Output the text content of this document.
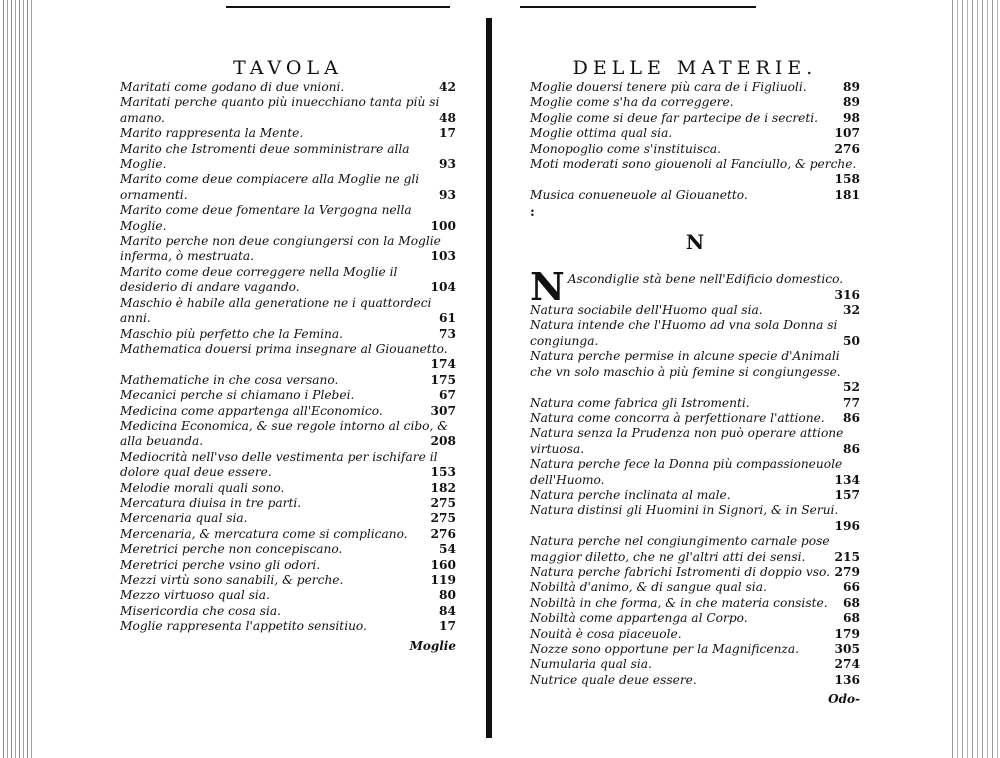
TAVOLA
Maritati come godano di due vnioni.	42
Maritati perche quanto più inuecchiano tanta più si amano.	48
Marito rappresenta la Mente.	17
Marito che Istromenti deue somministrare alla Moglie.	93
Marito come deue compiacere alla Moglie ne gli ornamenti.	93
Marito come deue fomentare la Vergogna nella Moglie.	100
Marito perche non deue congiungersi con la Moglie inferma, ò mestruata.	103
Marito come deue correggere nella Moglie il desiderio di andare vagando.	104
Maschio è habile alla generatione ne i quattordeci anni.	61
Maschio più perfetto che la Femina.	73
Mathematica douersi prima insegnare al Giouanetto.
174
Mathematiche in che cosa versano.	175
Mecanici perche si chiamano i Plebei.	67
Medicina come appartenga all'Economico.	307
Medicina Economica, & sue regole intorno al cibo, & alla beuanda.	208
Mediocrità nell'vso delle vestimenta per ischifare il dolore qual deue essere.	153
Melodie morali quali sono.	182
Mercatura diuisa in tre parti.	275
Mercenaria qual sia.	275
Mercenaria, & mercatura come si complicano. 276
Meretrici perche non concepiscano.	54
Meretrici perche vsino gli odori.	160
Mezzi virtù sono sanabili, & perche.	119
Mezzo virtuoso qual sia.	80
Misericordia che cosa sia.	84
Moglie rappresenta l'appetito sensitiuo.	17
Moglie
DELLE MATERIE.
Moglie douersi tenere più cara de i Figliuoli.	89
Moglie come s'ha da correggere.	89
Moglie come si deue far partecipe de i secreti. 98
Moglie ottima qual sia.	107
Monopoglio come s'instituisca.	276
Moti moderati sono giouenoli al Fanciullo, & perche.
158
Musica conueneuole al Giouanetto.	181
:
N
N Ascondiglie stà bene nell'Edificio domestico.
316
Natura sociabile dell'Huomo qual sia.	32
Natura intende che l'Huomo ad vna sola Donna si congiunga.	50
Natura perche permise in alcune specie d'Animali che vn solo maschio à più femine si congiungesse.
52
Natura come fabrica gli Istromenti.	77
Natura come concorra à perfettionare l'attione. 86
Natura senza la Prudenza non può operare attione virtuosa.	86
Natura perche fece la Donna più compassioneuole dell'Huomo.	134
Natura perche inclinata al male.	157
Natura distinsi gli Huomini in Signori, & in Serui.
196
Natura perche nel congiungimento carnale pose maggior diletto, che ne gl'altri atti dei sensi. 215
Natura perche fabrichi Istromenti di doppio vso. 279
Nobiltà d'animo, & di sangue qual sia.	66
Nobiltà in che forma, & in che materia consiste. 68
Nobiltà come appartenga al Corpo.	68
Nouità è cosa piaceuole.	179
Nozze sono opportune per la Magnificenza.	305
Numularia qual sia.	274
Nutrice quale deue essere.	136
Odo-
